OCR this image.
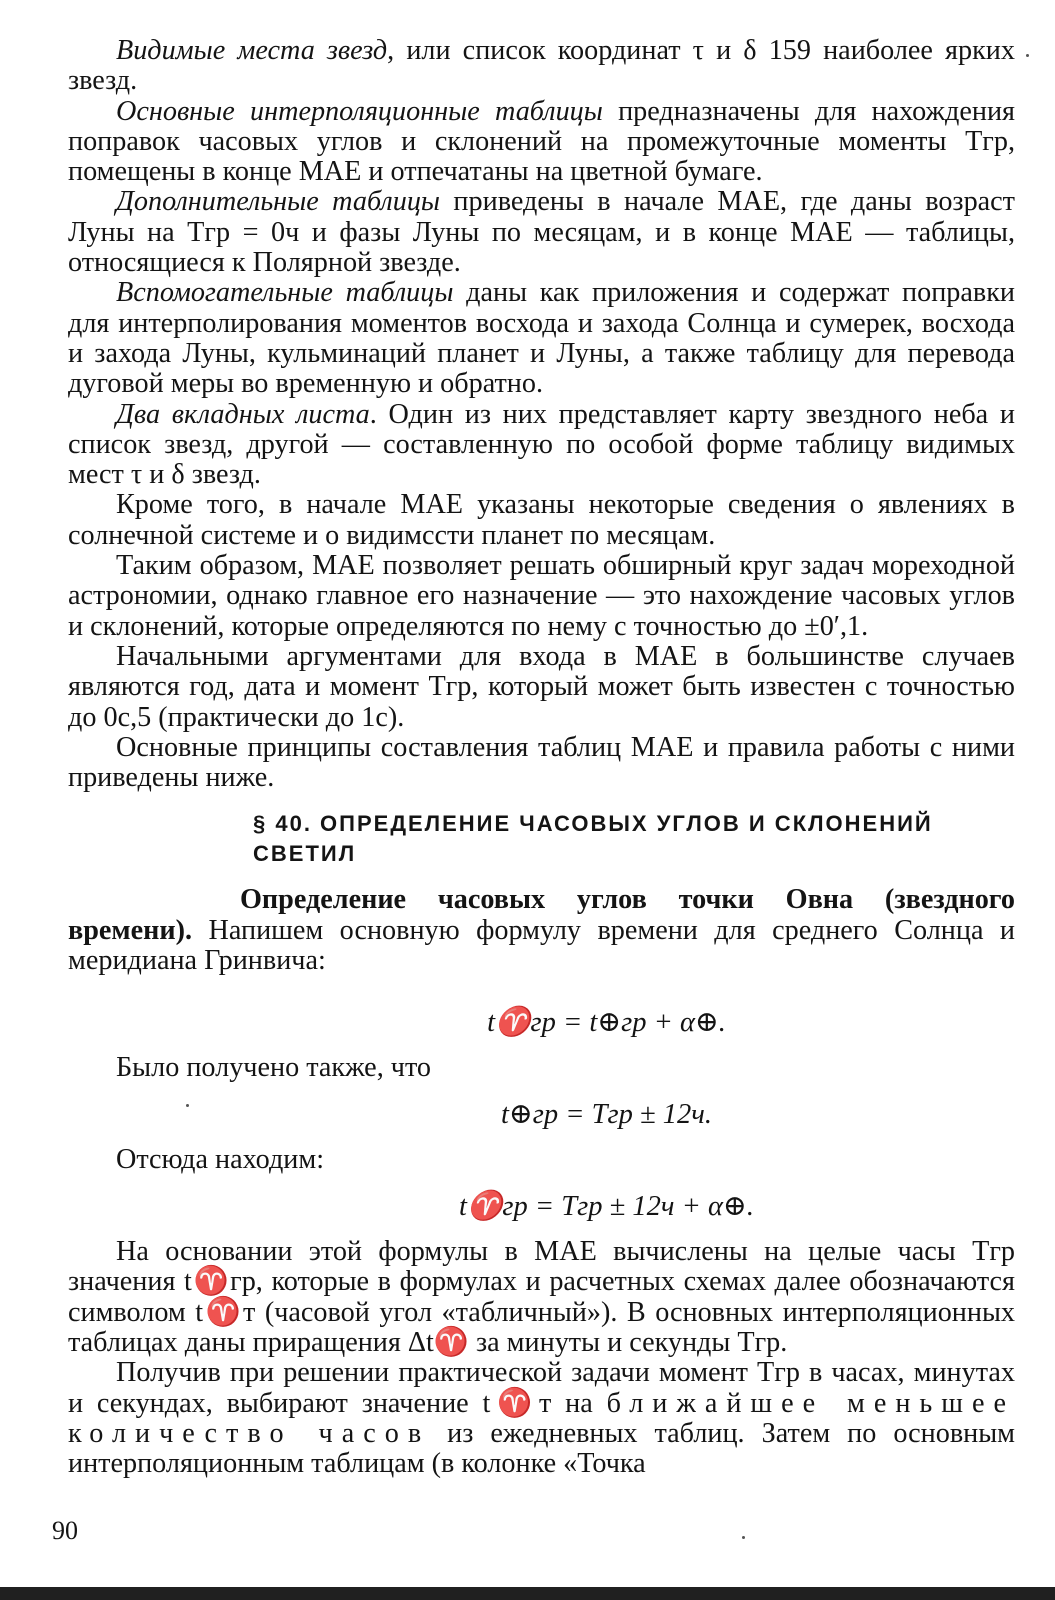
Видимые места звезд, или список координат τ и δ 159 наиболее ярких звезд.

Основные интерполяционные таблицы предназначены для нахождения поправок часовых углов и склонений на промежуточные моменты Tгр, помещены в конце МАЕ и отпечатаны на цветной бумаге.

Дополнительные таблицы приведены в начале МАЕ, где даны возраст Луны на Tгр = 0ч и фазы Луны по месяцам, и в конце МАЕ — таблицы, относящиеся к Полярной звезде.

Вспомогательные таблицы даны как приложения и содержат поправки для интерполирования моментов восхода и захода Солнца и сумерек, восхода и захода Луны, кульминаций планет и Луны, а также таблицу для перевода дуговой меры во временную и обратно.

Два вкладных листа. Один из них представляет карту звездного неба и список звезд, другой — составленную по особой форме таблицу видимых мест τ и δ звезд.

Кроме того, в начале МАЕ указаны некоторые сведения о явлениях в солнечной системе и о видимсcти планет по месяцам.

Таким образом, МАЕ позволяет решать обширный круг задач мореходной астрономии, однако главное его назначение — это нахождение часовых углов и склонений, которые определяются по нему с точностью до ±0′,1.

Начальными аргументами для входа в МАЕ в большинстве случаев являются год, дата и момент Tгр, который может быть известен с точностью до 0с,5 (практически до 1с).

Основные принципы составления таблиц МАЕ и правила работы с ними приведены ниже.

§ 40. ОПРЕДЕЛЕНИЕ ЧАСОВЫХ УГЛОВ И СКЛОНЕНИЙ СВЕТИЛ

Определение часовых углов точки Овна (звездного времени). Напишем основную формулу времени для среднего Солнца и меридиана Гринвича:

t♈гр = t⊕гр + α⊕.

Было получено также, что

t⊕гр = Tгр ± 12ч.

Отсюда находим:

t♈гр = Tгр ± 12ч + α⊕.

На основании этой формулы в МАЕ вычислены на целые часы Tгр значения t♈гр, которые в формулах и расчетных схемах далее обозначаются символом t♈т (часовой угол «табличный»). В основных интерполяционных таблицах даны приращения Δt♈ за минуты и секунды Tгр.

Получив при решении практической задачи момент Tгр в часах, минутах и секундах, выбирают значение t♈т на ближайшее меньшее количество часов из ежедневных таблиц. Затем по основным интерполяционным таблицам (в колонке «Точка

90
